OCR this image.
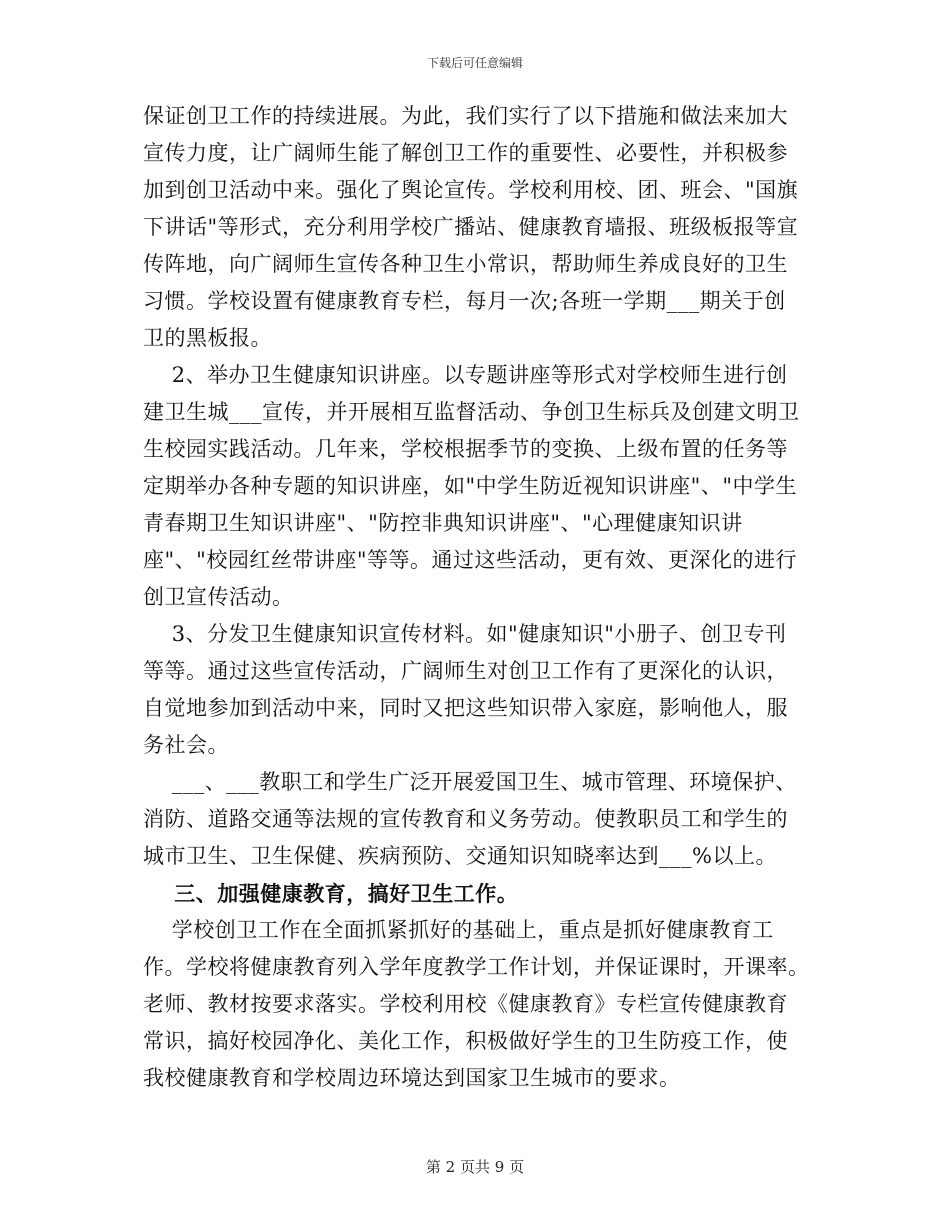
下载后可任意编辑

保证创卫工作的持续进展。为此，我们实行了以下措施和做法来加大

宣传力度，让广阔师生能了解创卫工作的重要性、必要性，并积极参

加到创卫活动中来。强化了舆论宣传。学校利用校、团、班会、"国旗

下讲话"等形式，充分利用学校广播站、健康教育墙报、班级板报等宣

传阵地，向广阔师生宣传各种卫生小常识，帮助师生养成良好的卫生

习惯。学校设置有健康教育专栏，每月一次;各班一学期___期关于创

卫的黑板报。

2、举办卫生健康知识讲座。以专题讲座等形式对学校师生进行创

建卫生城___宣传，并开展相互监督活动、争创卫生标兵及创建文明卫

生校园实践活动。几年来，学校根据季节的变换、上级布置的任务等

定期举办各种专题的知识讲座，如"中学生防近视知识讲座"、"中学生

青春期卫生知识讲座"、"防控非典知识讲座"、"心理健康知识讲

座"、"校园红丝带讲座"等等。通过这些活动，更有效、更深化的进行

创卫宣传活动。

3、分发卫生健康知识宣传材料。如"健康知识"小册子、创卫专刊

等等。通过这些宣传活动，广阔师生对创卫工作有了更深化的认识，

自觉地参加到活动中来，同时又把这些知识带入家庭，影响他人，服

务社会。

___、___教职工和学生广泛开展爱国卫生、城市管理、环境保护、

消防、道路交通等法规的宣传教育和义务劳动。使教职员工和学生的

城市卫生、卫生保健、疾病预防、交通知识知晓率达到___%以上。

三、加强健康教育，搞好卫生工作。

学校创卫工作在全面抓紧抓好的基础上，重点是抓好健康教育工

作。学校将健康教育列入学年度教学工作计划，并保证课时，开课率。

老师、教材按要求落实。学校利用校《健康教育》专栏宣传健康教育

常识，搞好校园净化、美化工作，积极做好学生的卫生防疫工作，使

我校健康教育和学校周边环境达到国家卫生城市的要求。

第 2 页共 9 页
